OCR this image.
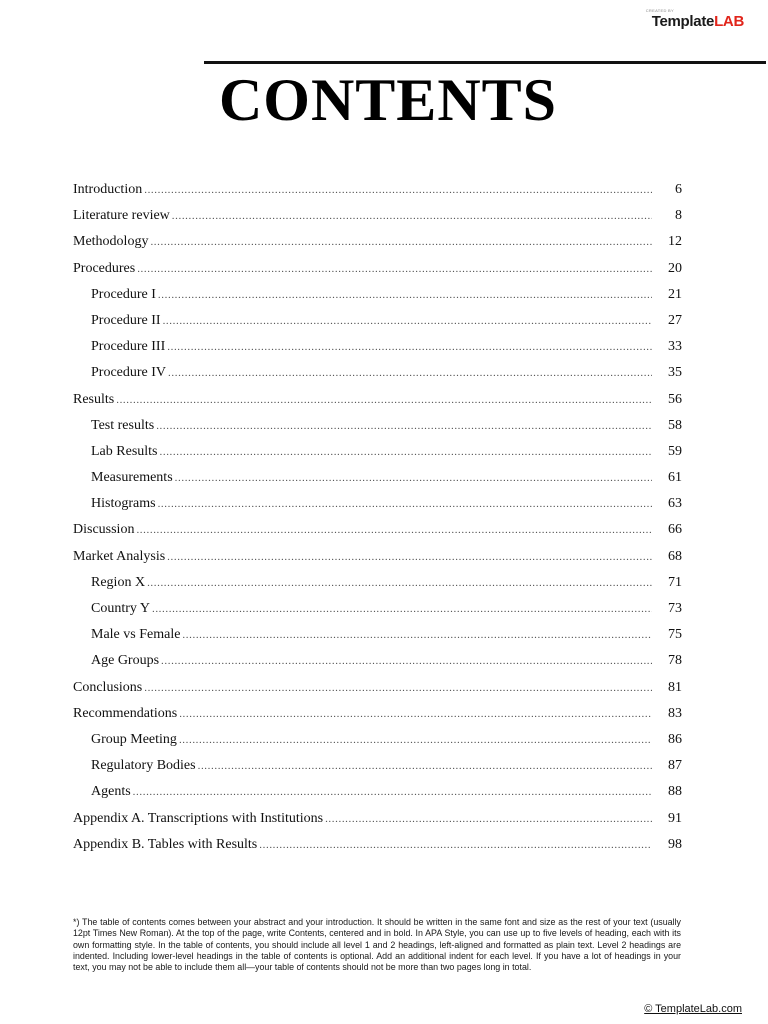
CREATED BY
TemplateLAB
CONTENTS
Introduction .....	6
Literature review .....	8
Methodology .....	12
Procedures .....	20
Procedure I .....	21
Procedure II .....	27
Procedure III .....	33
Procedure IV .....	35
Results .....	56
Test results .....	58
Lab Results .....	59
Measurements .....	61
Histograms .....	63
Discussion .....	66
Market Analysis .....	68
Region X .....	71
Country Y .....	73
Male vs Female .....	75
Age Groups .....	78
Conclusions .....	81
Recommendations .....	83
Group Meeting .....	86
Regulatory Bodies .....	87
Agents .....	88
Appendix A. Transcriptions with Institutions .....	91
Appendix B. Tables with Results .....	98
*) The table of contents comes between your abstract and your introduction. It should be written in the same font and size as the rest of your text (usually 12pt Times New Roman). At the top of the page, write Contents, centered and in bold. In APA Style, you can use up to five levels of heading, each with its own formatting style. In the table of contents, you should include all level 1 and 2 headings, left-aligned and formatted as plain text. Level 2 headings are indented. Including lower-level headings in the table of contents is optional. Add an additional indent for each level. If you have a lot of headings in your text, you may not be able to include them all—your table of contents should not be more than two pages long in total.
© TemplateLab.com
